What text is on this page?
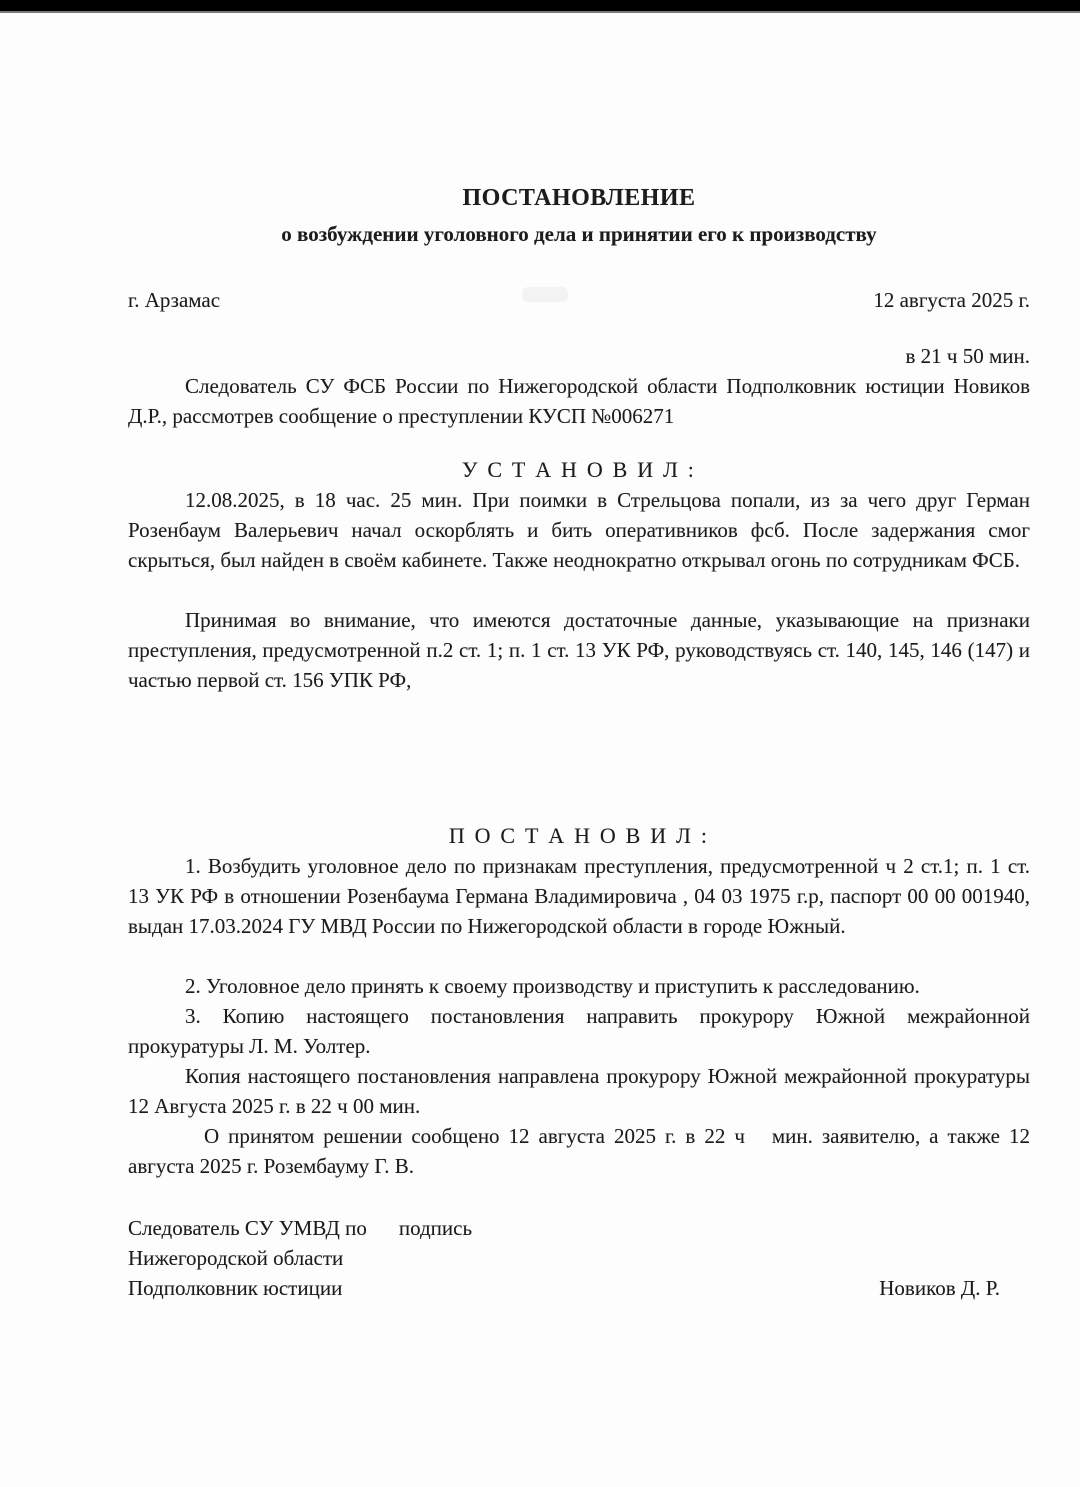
ПОСТАНОВЛЕНИЕ
о возбуждении уголовного дела и принятии его к производству
г. Арзамас	12 августа 2025 г.
в 21 ч 50 мин.

Следователь СУ ФСБ России по Нижегородской области Подполковник юстиции Новиков Д.Р., рассмотрев сообщение о преступлении КУСП №006271

У С Т А Н О В И Л :

12.08.2025, в 18 час. 25 мин. При поимки в Стрельцова попали, из за чего друг Герман Розенбаум Валерьевич начал оскорблять и бить оперативников фсб. После задержания смог скрыться, был найден в своём кабинете. Также неоднократно открывал огонь по сотрудникам ФСБ.

Принимая во внимание, что имеются достаточные данные, указывающие на признаки преступления, предусмотренной п.2 ст. 1; п. 1 ст. 13 УК РФ, руководствуясь ст. 140, 145, 146 (147) и частью первой ст. 156 УПК РФ,

П О С Т А Н О В И Л :

1. Возбудить уголовное дело по признакам преступления, предусмотренной ч 2 ст.1; п. 1 ст. 13 УК РФ в отношении Розенбаума Германа Владимировича , 04 03 1975 г.р, паспорт 00 00 001940, выдан 17.03.2024 ГУ МВД России по Нижегородской области в городе Южный.

2. Уголовное дело принять к своему производству и приступить к расследованию.

3. Копию настоящего постановления направить прокурору Южной межрайонной прокуратуры Л. М. Уолтер.

Копия настоящего постановления направлена прокурору Южной межрайонной прокуратуры 12 Августа 2025 г. в 22 ч 00 мин.

О принятом решении сообщено 12 августа 2025 г. в 22 ч   мин. заявителю, а также 12 августа 2025 г. Розембауму Г. В.

Следователь СУ УМВД по подпись
Нижегородской области
Подполковник юстиции	Новиков Д. Р.
